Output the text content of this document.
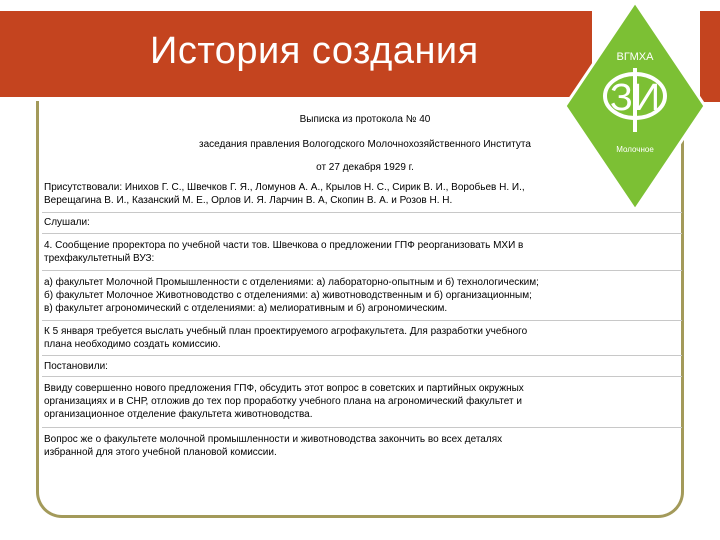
История создания	ВГМХА
ЗИ
Молочное
Выписка из протокола № 40
заседания правления Вологодского Молочнохозяйственного Института
от 27 декабря 1929 г.
Присутствовали: Инихов Г. С., Швечков Г. Я., Ломунов А. А., Крылов Н. С., Сирик В. И., Воробьев Н. И.,
Верещагина В. И., Казанский М. Е., Орлов И. Я. Ларчин В. А, Скопин В. А. и Розов Н. Н.
Слушали:
4. Сообщение проректора по учебной части тов. Швечкова о предложении ГПФ реорганизовать МХИ в
трехфакультетный ВУЗ:
а) факультет Молочной Промышленности с отделениями: а) лабораторно-опытным и б) технологическим;
б) факультет Молочное Животноводство с отделениями: а) животноводственным и б) организационным;
в) факультет агрономический с отделениями: а) мелиоративным и б) агрономическим.
К 5 января требуется выслать учебный план проектируемого агрофакультета. Для разработки учебного
плана необходимо создать комиссию.
Постановили:
Ввиду совершенно нового предложения ГПФ, обсудить этот вопрос в советских и партийных окружных
организациях и в СНР, отложив до тех пор проработку учебного плана на агрономический факультет и
организационное отделение факультета животноводства.
Вопрос же о факультете молочной промышленности и животноводства закончить во всех деталях
избранной для этого учебной плановой комиссии.
